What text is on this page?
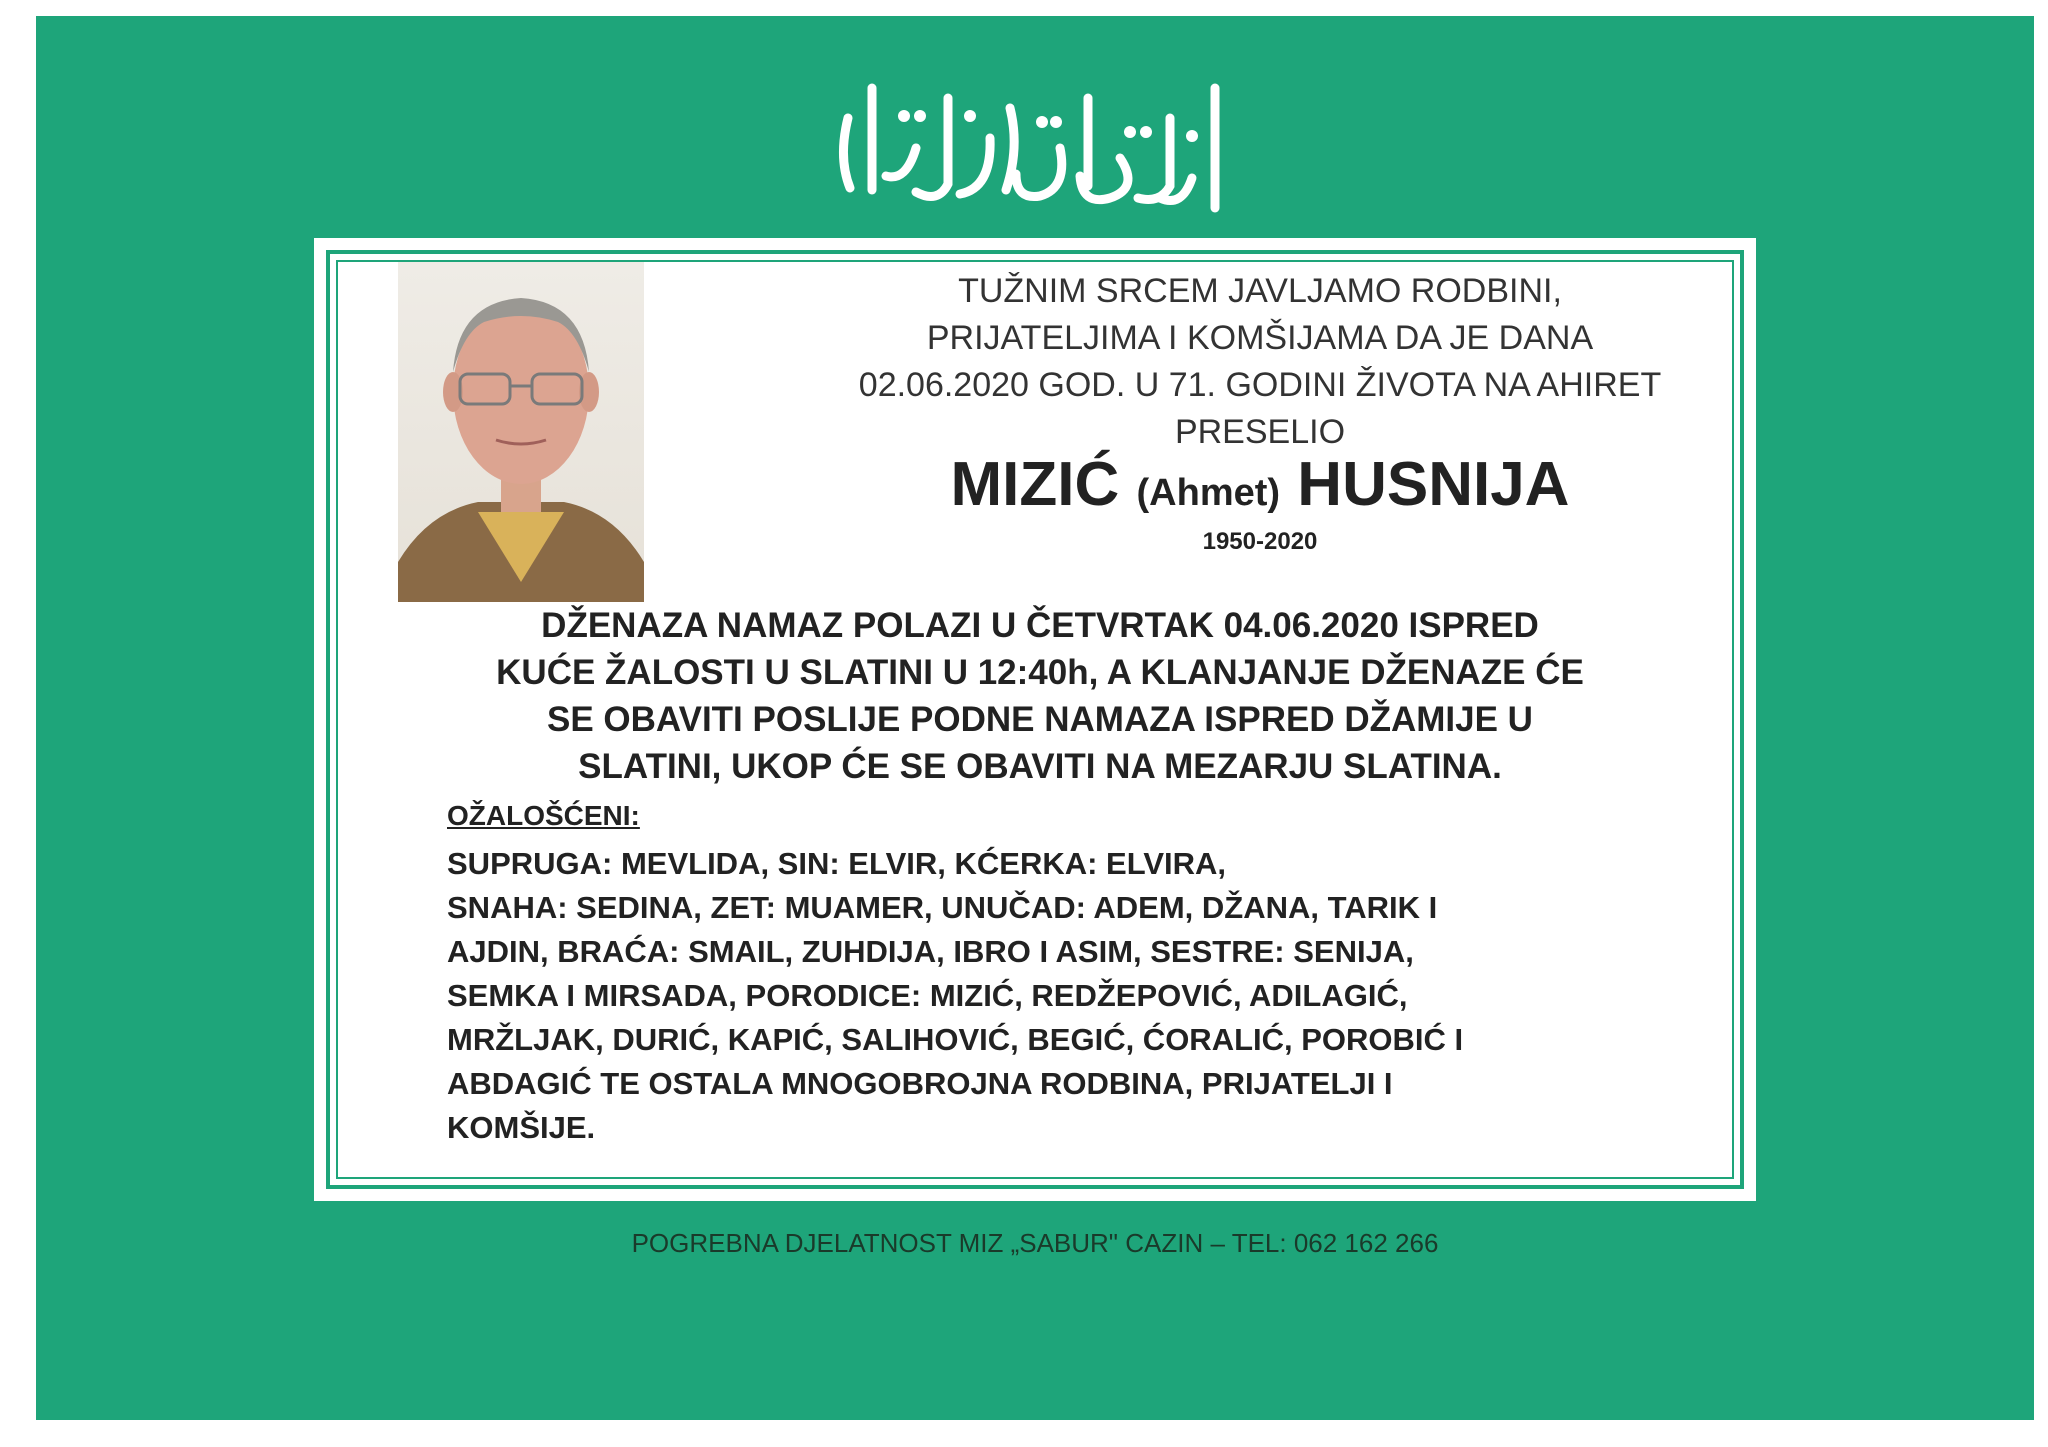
TUŽNIM SRCEM JAVLJAMO RODBINI,
PRIJATELJIMA I KOMŠIJAMA DA JE DANA
02.06.2020 GOD. U 71. GODINI ŽIVOTA NA AHIRET
PRESELIO
MIZIĆ (Ahmet) HUSNIJA
1950-2020
DŽENAZA NAMAZ POLAZI U ČETVRTAK 04.06.2020 ISPRED
KUĆE ŽALOSTI U SLATINI U 12:40h, A KLANJANJE DŽENAZE ĆE
SE OBAVITI POSLIJE PODNE NAMAZA ISPRED DŽAMIJE U
SLATINI, UKOP ĆE SE OBAVITI NA MEZARJU SLATINA.
OŽALOŠĆENI:
SUPRUGA: MEVLIDA, SIN: ELVIR, KĆERKA: ELVIRA,
SNAHA: SEDINA, ZET: MUAMER, UNUČAD: ADEM, DŽANA, TARIK I
AJDIN, BRAĆA: SMAIL, ZUHDIJA, IBRO I ASIM, SESTRE: SENIJA,
SEMKA I MIRSADA, PORODICE: MIZIĆ, REDŽEPOVIĆ, ADILAGIĆ,
MRŽLJAK, DURIĆ, KAPIĆ, SALIHOVIĆ, BEGIĆ, ĆORALIĆ, POROBIĆ I
ABDAGIĆ TE OSTALA MNOGOBROJNA RODBINA, PRIJATELJI I
KOMŠIJE.
POGREBNA DJELATNOST MIZ „SABUR" CAZIN – TEL: 062 162 266
